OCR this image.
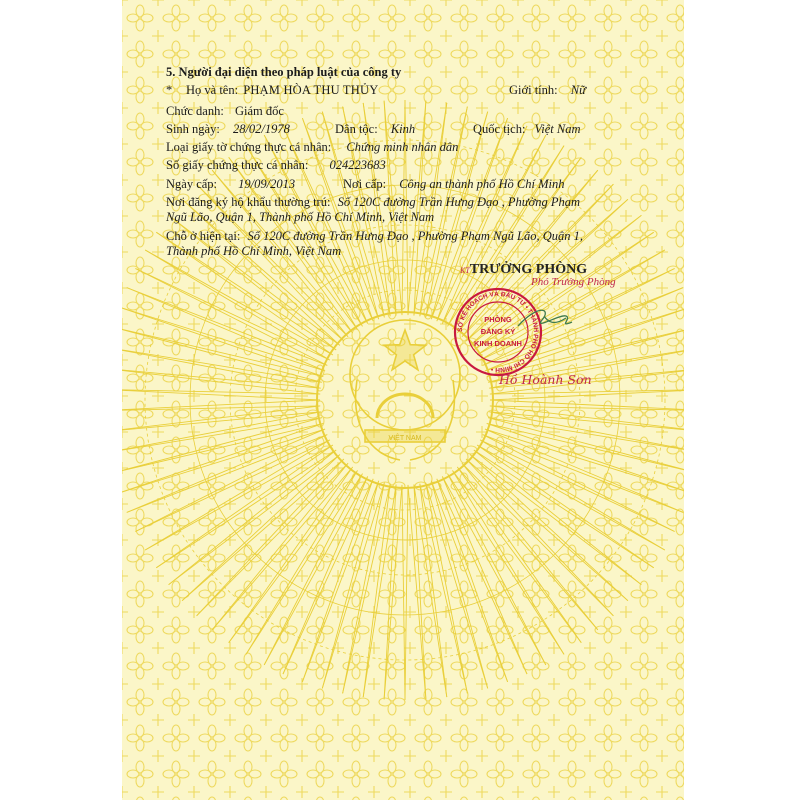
VIỆT NAM
5. Người đại diện theo pháp luật của công ty
* Họ và tên: PHẠM HÒA THU THỦY	Giới tính: Nữ
Chức danh: Giám đốc
Sinh ngày: 28/02/1978	Dân tộc: Kinh	Quốc tịch: Việt Nam
Loại giấy tờ chứng thực cá nhân: Chứng minh nhân dân
Số giấy chứng thực cá nhân: 024223683
Ngày cấp: 19/09/2013	Nơi cấp: Công an thành phố Hồ Chí Minh
Nơi đăng ký hộ khẩu thường trú: Số 120C đường Trần Hưng Đạo , Phường Phạm
Ngũ Lão, Quận 1, Thành phố Hồ Chí Minh, Việt Nam
Chỗ ở hiện tại: Số 120C đường Trần Hưng Đạo , Phường Phạm Ngũ Lão, Quận 1,
Thành phố Hồ Chí Minh, Việt Nam
KTTRƯỞNG PHÒNG
Phó Trưởng Phòng
SỞ KẾ HOẠCH VÀ ĐẦU TƯ • THÀNH PHỐ HỒ CHÍ MINH •
PHÒNG
ĐĂNG KÝ
KINH DOANH
Hồ Hoành Sơn
